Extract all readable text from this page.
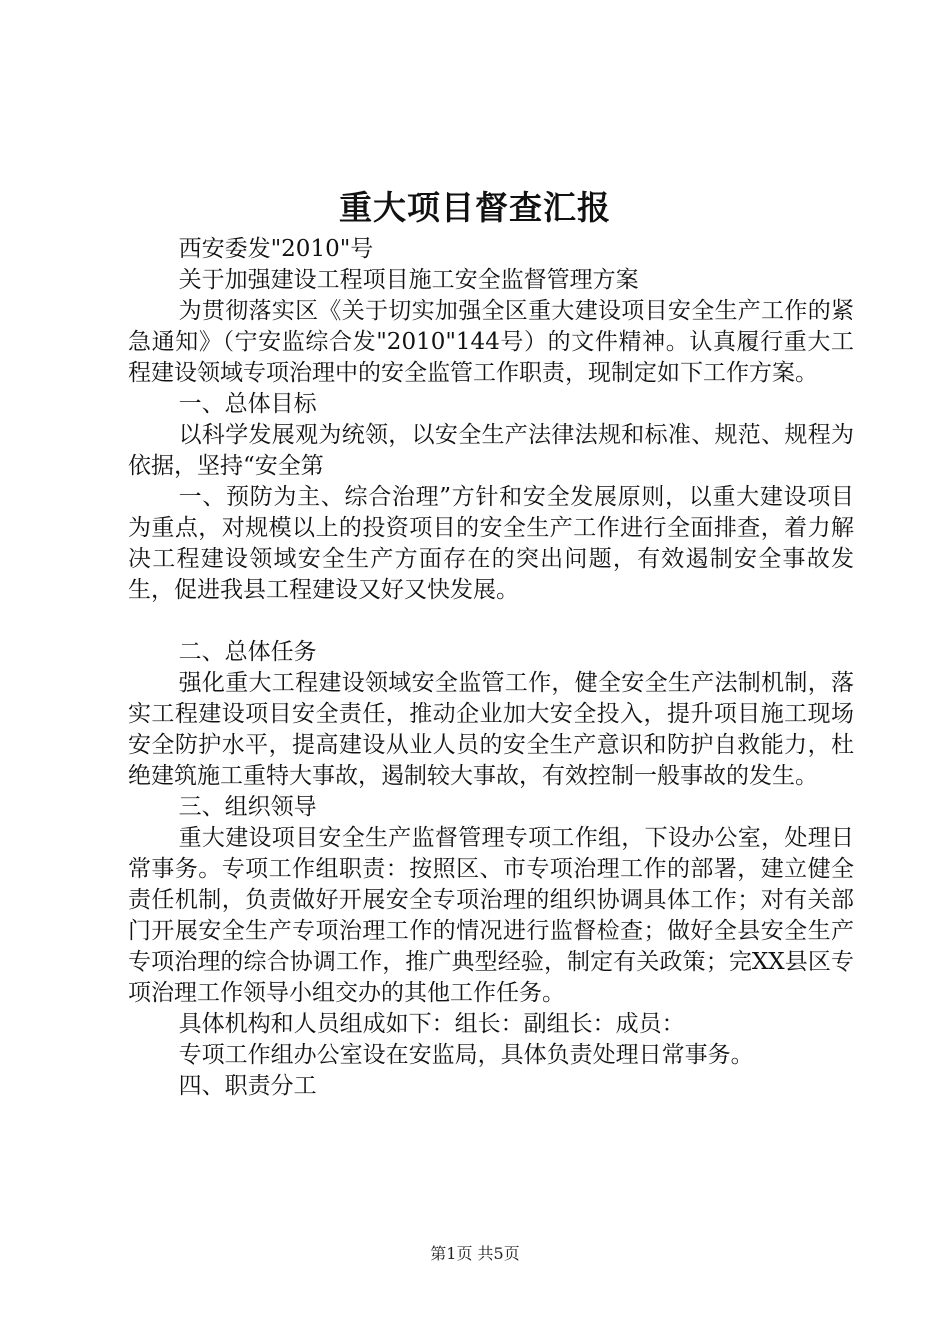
重大项目督查汇报

西安委发"2010"号

关于加强建设工程项目施工安全监督管理方案

为贯彻落实区《关于切实加强全区重大建设项目安全生产工作的紧急通知》（宁安监综合发"2010"144号）的文件精神。认真履行重大工程建设领域专项治理中的安全监管工作职责，现制定如下工作方案。

一、总体目标

以科学发展观为统领，以安全生产法律法规和标准、规范、规程为依据，坚持“安全第

一、预防为主、综合治理”方针和安全发展原则，以重大建设项目为重点，对规模以上的投资项目的安全生产工作进行全面排查，着力解决工程建设领域安全生产方面存在的突出问题，有效遏制安全事故发生，促进我县工程建设又好又快发展。

二、总体任务

强化重大工程建设领域安全监管工作，健全安全生产法制机制，落实工程建设项目安全责任，推动企业加大安全投入，提升项目施工现场安全防护水平，提高建设从业人员的安全生产意识和防护自救能力，杜绝建筑施工重特大事故，遏制较大事故，有效控制一般事故的发生。

三、组织领导

重大建设项目安全生产监督管理专项工作组，下设办公室，处理日常事务。专项工作组职责：按照区、市专项治理工作的部署，建立健全责任机制，负责做好开展安全专项治理的组织协调具体工作；对有关部门开展安全生产专项治理工作的情况进行监督检查；做好全县安全生产专项治理的综合协调工作，推广典型经验，制定有关政策；完XX县区专项治理工作领导小组交办的其他工作任务。

具体机构和人员组成如下：组长：副组长：成员：

专项工作组办公室设在安监局，具体负责处理日常事务。

四、职责分工

第1页 共5页
